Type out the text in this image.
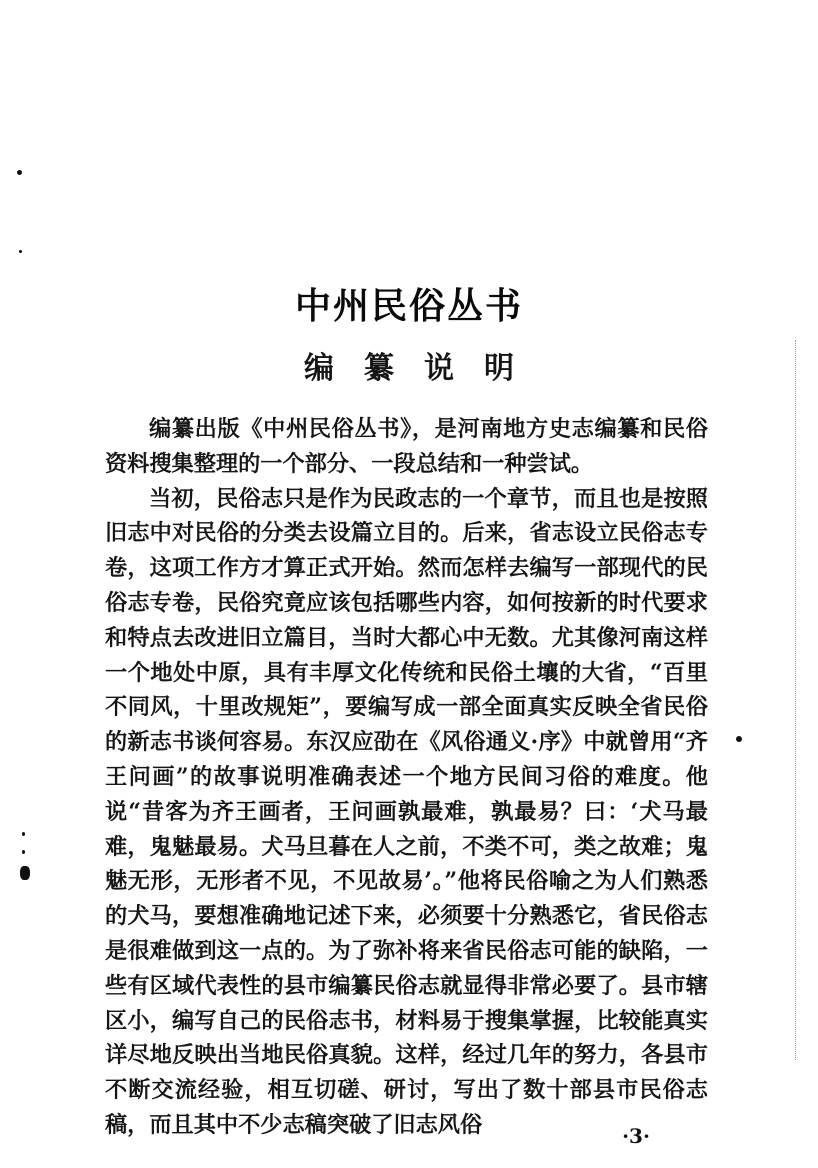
中州民俗丛书
编纂说明

编纂出版《中州民俗丛书》，是河南地方史志编纂和民俗资料搜集整理的一个部分、一段总结和一种尝试。

当初，民俗志只是作为民政志的一个章节，而且也是按照旧志中对民俗的分类去设篇立目的。后来，省志设立民俗志专卷，这项工作方才算正式开始。然而怎样去编写一部现代的民俗志专卷，民俗究竟应该包括哪些内容，如何按新的时代要求和特点去改进旧立篇目，当时大都心中无数。尤其像河南这样一个地处中原，具有丰厚文化传统和民俗土壤的大省，“百里不同风，十里改规矩”，要编写成一部全面真实反映全省民俗的新志书谈何容易。东汉应劭在《风俗通义·序》中就曾用“齐王问画”的故事说明准确表述一个地方民间习俗的难度。他说“昔客为齐王画者，王问画孰最难，孰最易？曰：‘犬马最难，鬼魅最易。犬马旦暮在人之前，不类不可，类之故难；鬼魅无形，无形者不见，不见故易’。”他将民俗喻之为人们熟悉的犬马，要想准确地记述下来，必须要十分熟悉它，省民俗志是很难做到这一点的。为了弥补将来省民俗志可能的缺陷，一些有区域代表性的县市编纂民俗志就显得非常必要了。县市辖区小，编写自己的民俗志书，材料易于搜集掌握，比较能真实详尽地反映出当地民俗真貌。这样，经过几年的努力，各县市不断交流经验，相互切磋、研讨，写出了数十部县市民俗志稿，而且其中不少志稿突破了旧志风俗	·3·
